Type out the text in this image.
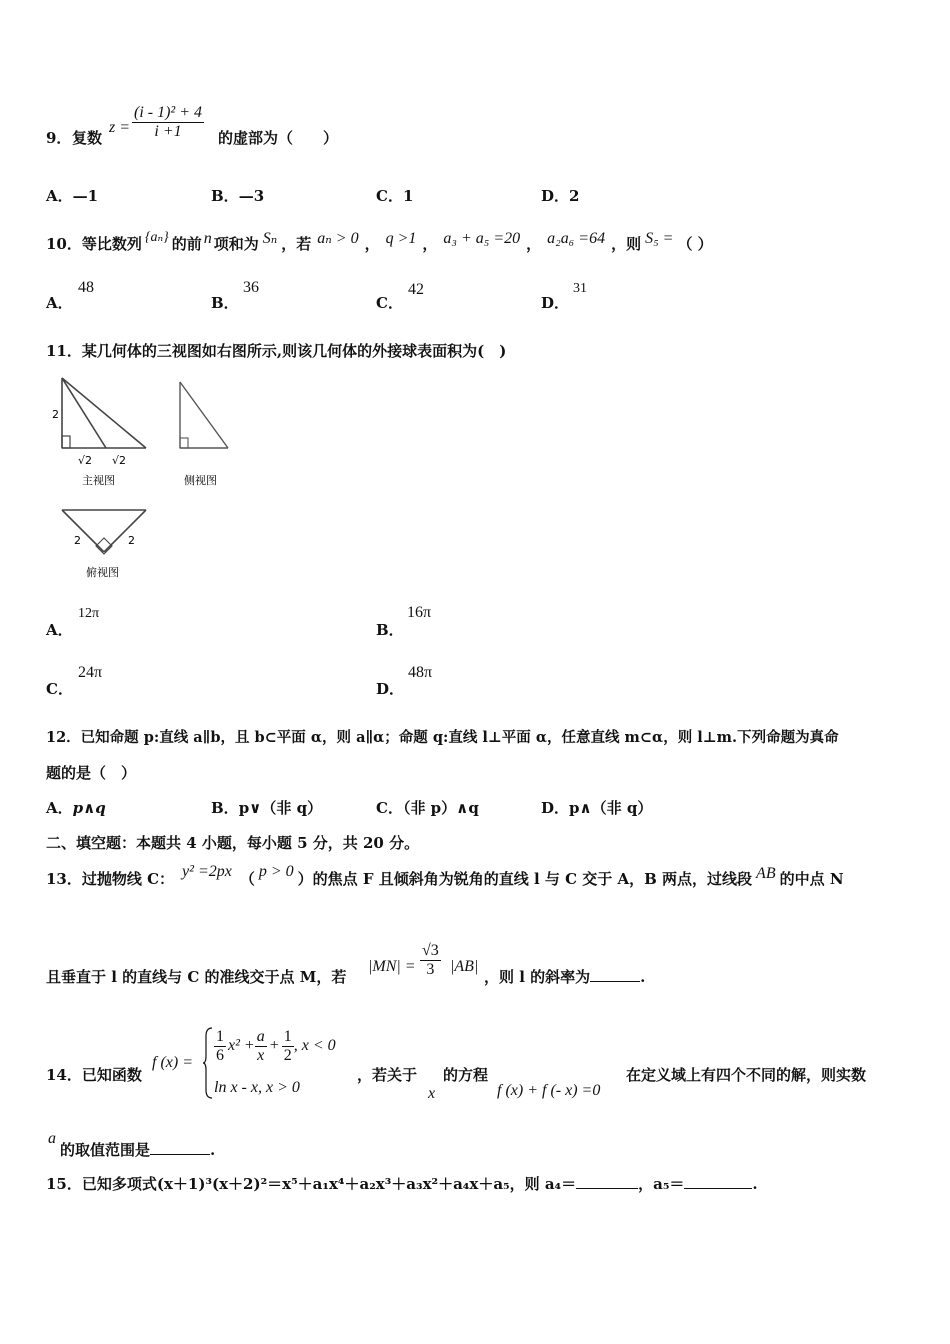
9． 复数
$z = \frac{\text{(i - 1)² + 4}}{i +1}$ 的虚部为（　　）
A．—1	B．—3	C．1	D．2
10．等比数列 {aₙ} 的前 n 项和为 Sₙ ，若 aₙ > 0 ， q >1 ， a₃ + a₅ =20 ， a₂a₆ =64 ，则 S₅ = （ ）
A．
48
B．
36
C．
42
D．
31
11．某几何体的三视图如右图所示,则该几何体的外接球表面积为(　)
2
√2 √2
主视图	侧视图
2	2
俯视图
A．
12π
B．
16π
C．
24π
D．
48π
12．已知命题 p:直线 a∥b，且 b⊂平面 α，则 a∥α；命题 q:直线 l⊥平面 α，任意直线 m⊂α，则 l⊥m.下列命题为真命
题的是（　）
A．p∧q	B．p∨（非 q）	C．（非 p）∧q	D．p∧（非 q）
二、填空题：本题共 4 小题，每小题 5 分，共 20 分。
13．过抛物线 C： y² =2px （ p > 0 ）的焦点 F 且倾斜角为锐角的直线 l 与 C 交于 A，B 两点，过线段 AB 的中点 N
且垂直于 l 的直线与 C 的准线交于点 M，若
$|MN| = \frac{√3}{3} |AB|$
，则 l 的斜率为	.
14．已知函数
f $(x) = \frac{1}{6} x^2 + \frac{a}{x} + \frac{1}{2}$ , x < 0
ln x - x, x > 0
，若关于
x
的方程
f (x) + f (- x) =0
在定义域上有四个不同的解，则实数
a
的取值范围是	.
15．已知多项式(x＋1)³(x＋2)²＝x⁵＋a₁x⁴＋a₂x³＋a₃x²＋a₄x＋a₅，则 a₄＝	，a₅＝	.
